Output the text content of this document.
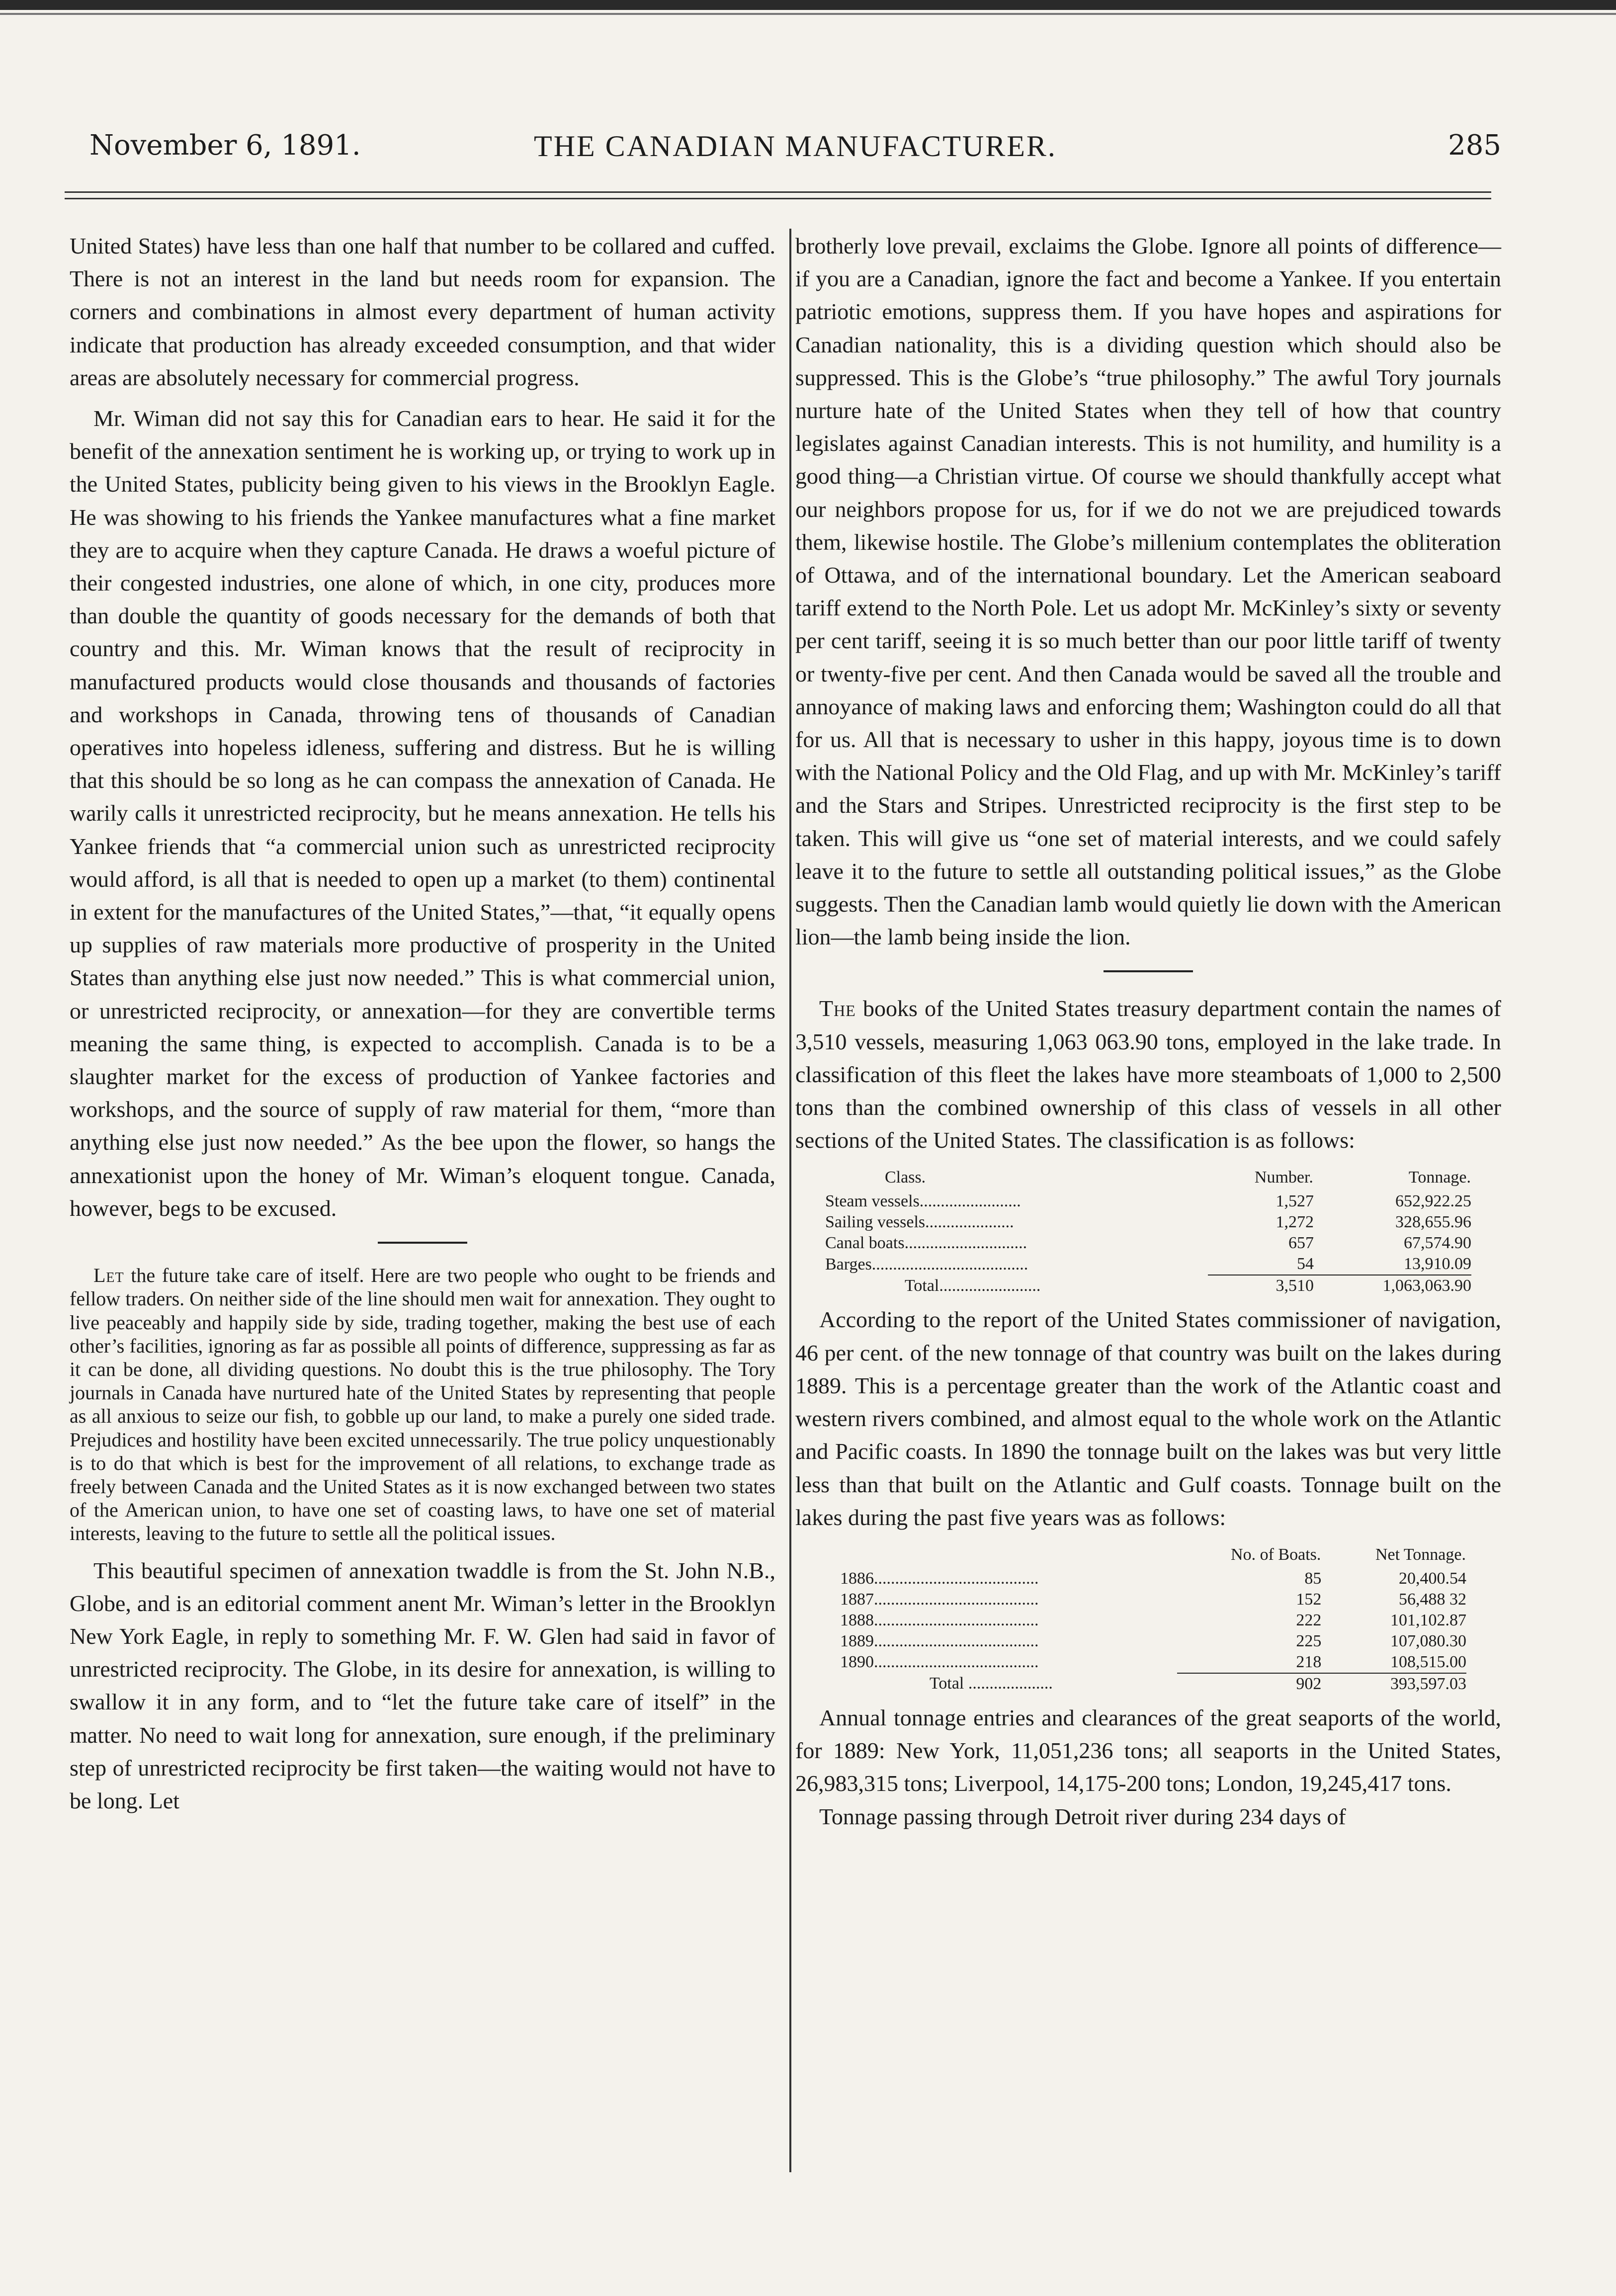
November 6, 1891.	THE CANADIAN MANUFACTURER.	285

United States) have less than one half that number to be collared and cuffed. There is not an interest in the land but needs room for expansion. The corners and combinations in almost every department of human activity indicate that production has already exceeded consumption, and that wider areas are absolutely necessary for commercial progress.

Mr. Wiman did not say this for Canadian ears to hear. He said it for the benefit of the annexation sentiment he is working up, or trying to work up in the United States, publicity being given to his views in the Brooklyn Eagle. He was showing to his friends the Yankee manufactures what a fine market they are to acquire when they capture Canada. He draws a woeful picture of their congested industries, one alone of which, in one city, produces more than double the quantity of goods necessary for the demands of both that country and this. Mr. Wiman knows that the result of reciprocity in manufactured products would close thousands and thousands of factories and workshops in Canada, throwing tens of thousands of Canadian operatives into hopeless idleness, suffering and distress. But he is willing that this should be so long as he can compass the annexation of Canada. He warily calls it unrestricted reciprocity, but he means annexation. He tells his Yankee friends that “a commercial union such as unrestricted reciprocity would afford, is all that is needed to open up a market (to them) continental in extent for the manufactures of the United States,”—that, “it equally opens up supplies of raw materials more productive of prosperity in the United States than anything else just now needed.” This is what commercial union, or unrestricted reciprocity, or annexation—for they are convertible terms meaning the same thing, is expected to accomplish. Canada is to be a slaughter market for the excess of production of Yankee factories and workshops, and the source of supply of raw material for them, “more than anything else just now needed.” As the bee upon the flower, so hangs the annexationist upon the honey of Mr. Wiman’s eloquent tongue. Canada, however, begs to be excused.

Let the future take care of itself. Here are two people who ought to be friends and fellow traders. On neither side of the line should men wait for annexation. They ought to live peaceably and happily side by side, trading together, making the best use of each other’s facilities, ignoring as far as possible all points of difference, suppressing as far as it can be done, all dividing questions. No doubt this is the true philosophy. The Tory journals in Canada have nurtured hate of the United States by representing that people as all anxious to seize our fish, to gobble up our land, to make a purely one sided trade. Prejudices and hostility have been excited unnecessarily. The true policy unquestionably is to do that which is best for the improvement of all relations, to exchange trade as freely between Canada and the United States as it is now exchanged between two states of the American union, to have one set of coasting laws, to have one set of material interests, leaving to the future to settle all the political issues.

This beautiful specimen of annexation twaddle is from the St. John N.B., Globe, and is an editorial comment anent Mr. Wiman’s letter in the Brooklyn New York Eagle, in reply to something Mr. F. W. Glen had said in favor of unrestricted reciprocity. The Globe, in its desire for annexation, is willing to swallow it in any form, and to “let the future take care of itself” in the matter. No need to wait long for annexation, sure enough, if the preliminary step of unrestricted reciprocity be first taken—the waiting would not have to be long. Let

brotherly love prevail, exclaims the Globe. Ignore all points of difference—if you are a Canadian, ignore the fact and become a Yankee. If you entertain patriotic emotions, suppress them. If you have hopes and aspirations for Canadian nationality, this is a dividing question which should also be suppressed. This is the Globe’s “true philosophy.” The awful Tory journals nurture hate of the United States when they tell of how that country legislates against Canadian interests. This is not humility, and humility is a good thing—a Christian virtue. Of course we should thankfully accept what our neighbors propose for us, for if we do not we are prejudiced towards them, likewise hostile. The Globe’s millenium contemplates the obliteration of Ottawa, and of the international boundary. Let the American seaboard tariff extend to the North Pole. Let us adopt Mr. McKinley’s sixty or seventy per cent tariff, seeing it is so much better than our poor little tariff of twenty or twenty-five per cent. And then Canada would be saved all the trouble and annoyance of making laws and enforcing them; Washington could do all that for us. All that is necessary to usher in this happy, joyous time is to down with the National Policy and the Old Flag, and up with Mr. McKinley’s tariff and the Stars and Stripes. Unrestricted reciprocity is the first step to be taken. This will give us “one set of material interests, and we could safely leave it to the future to settle all outstanding political issues,” as the Globe suggests. Then the Canadian lamb would quietly lie down with the American lion—the lamb being inside the lion.

The books of the United States treasury department contain the names of 3,510 vessels, measuring 1,063 063.90 tons, employed in the lake trade. In classification of this fleet the lakes have more steamboats of 1,000 to 2,500 tons than the combined ownership of this class of vessels in all other sections of the United States. The classification is as follows:

Class.	Number.	Tonnage.
Steam vessels........................	1,527	652,922.25
Sailing vessels.....................	1,272	328,655.96
Canal boats.............................	657	67,574.90
Barges.....................................	54	13,910.09
Total........................	3,510	1,063,063.90

According to the report of the United States commissioner of navigation, 46 per cent. of the new tonnage of that country was built on the lakes during 1889. This is a percentage greater than the work of the Atlantic coast and western rivers combined, and almost equal to the whole work on the Atlantic and Pacific coasts. In 1890 the tonnage built on the lakes was but very little less than that built on the Atlantic and Gulf coasts. Tonnage built on the lakes during the past five years was as follows:

	No. of Boats.	Net Tonnage.
1886.......................................	85	20,400.54
1887.......................................	152	56,488 32
1888.......................................	222	101,102.87
1889.......................................	225	107,080.30
1890.......................................	218	108,515.00
Total ....................	902	393,597.03

Annual tonnage entries and clearances of the great seaports of the world, for 1889: New York, 11,051,236 tons; all seaports in the United States, 26,983,315 tons; Liverpool, 14,175-200 tons; London, 19,245,417 tons.

Tonnage passing through Detroit river during 234 days of
